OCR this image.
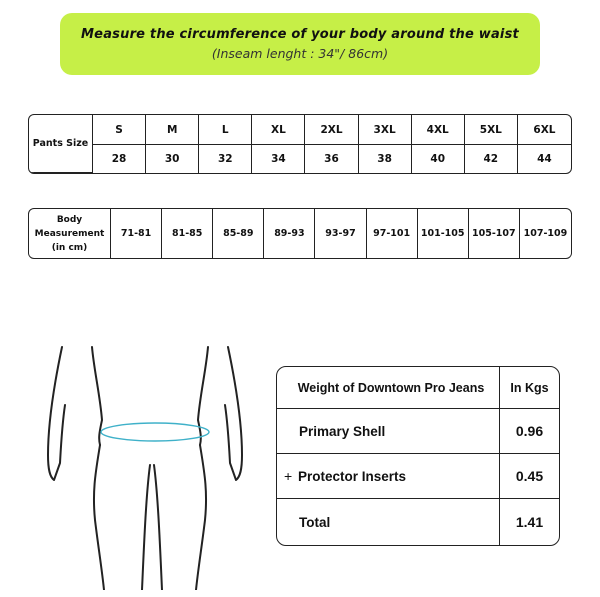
Measure the circumference of your body around the waist
(Inseam lenght : 34"/ 86cm)
Pants Size	S	M	L	XL	2XL	3XL	4XL	5XL	6XL
	28	30	32	34	36	38	40	42	44
Body
Measurement
(in cm)
	71-81	81-85	85-89	89-93	93-97	97-101	101-105	105-107	107-109
Weight of Downtown Pro Jeans	In Kgs
Primary Shell	0.96
+ Protector Inserts	0.45
Total	1.41
